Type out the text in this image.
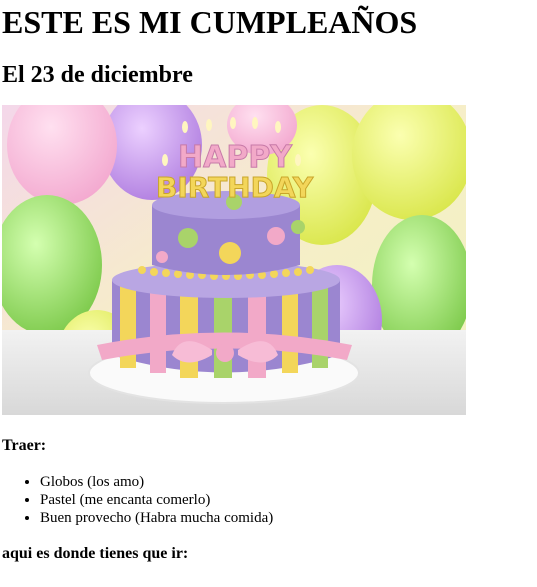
ESTE ES MI CUMPLEAÑOS
El 23 de diciembre
HAPPY
BIRTHDAY

Traer:

• Globos (los amo)
• Pastel (me encanta comerlo)
• Buen provecho (Habra mucha comida)

aqui es donde tienes que ir:
